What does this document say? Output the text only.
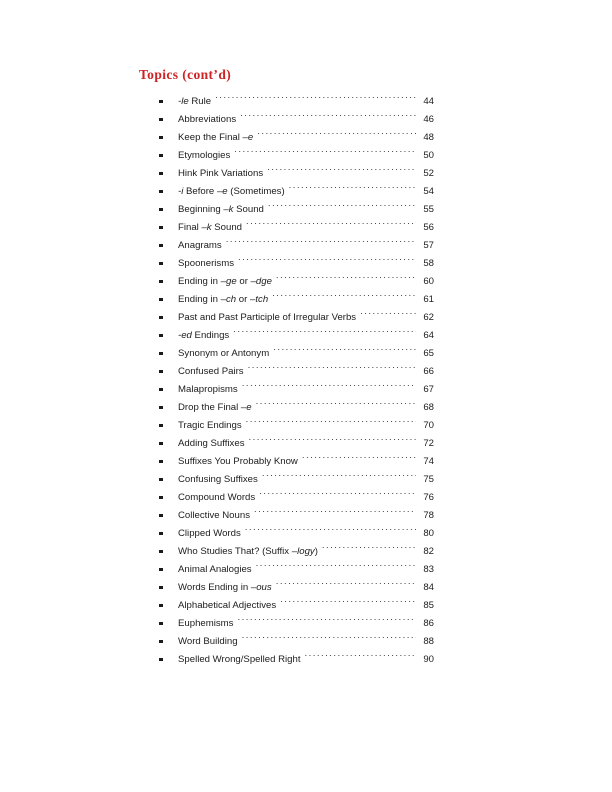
Topics (cont’d)
-le Rule . . .	44
Abbreviations . . .	46
Keep the Final –e . . .	48
Etymologies . . .	50
Hink Pink Variations . . .	52
-i Before –e (Sometimes) . . .	54
Beginning –k Sound . . .	55
Final –k Sound . . .	56
Anagrams . . .	57
Spoonerisms . . .	58
Ending in –ge or –dge . . .	60
Ending in –ch or –tch . . .	61
Past and Past Participle of Irregular Verbs . . .	62
-ed Endings . . .	64
Synonym or Antonym . . .	65
Confused Pairs . . .	66
Malapropisms . . .	67
Drop the Final –e . . .	68
Tragic Endings . . .	70
Adding Suffixes . . .	72
Suffixes You Probably Know . . .	74
Confusing Suffixes . . .	75
Compound Words . . .	76
Collective Nouns . . .	78
Clipped Words . . .	80
Who Studies That? (Suffix –logy) . . .	82
Animal Analogies . . .	83
Words Ending in –ous . . .	84
Alphabetical Adjectives . . .	85
Euphemisms . . .	86
Word Building . . .	88
Spelled Wrong/Spelled Right . . .	90
